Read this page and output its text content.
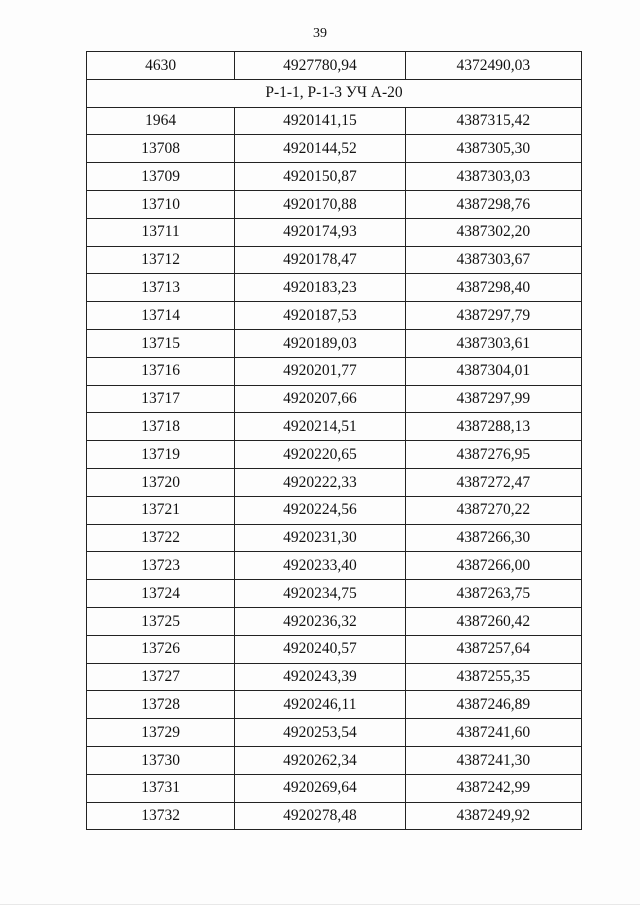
39
4630	4927780,94	4372490,03
Р-1-1, Р-1-3 УЧ А-20		
1964	4920141,15	4387315,42
13708	4920144,52	4387305,30
13709	4920150,87	4387303,03
13710	4920170,88	4387298,76
13711	4920174,93	4387302,20
13712	4920178,47	4387303,67
13713	4920183,23	4387298,40
13714	4920187,53	4387297,79
13715	4920189,03	4387303,61
13716	4920201,77	4387304,01
13717	4920207,66	4387297,99
13718	4920214,51	4387288,13
13719	4920220,65	4387276,95
13720	4920222,33	4387272,47
13721	4920224,56	4387270,22
13722	4920231,30	4387266,30
13723	4920233,40	4387266,00
13724	4920234,75	4387263,75
13725	4920236,32	4387260,42
13726	4920240,57	4387257,64
13727	4920243,39	4387255,35
13728	4920246,11	4387246,89
13729	4920253,54	4387241,60
13730	4920262,34	4387241,30
13731	4920269,64	4387242,99
13732	4920278,48	4387249,92
